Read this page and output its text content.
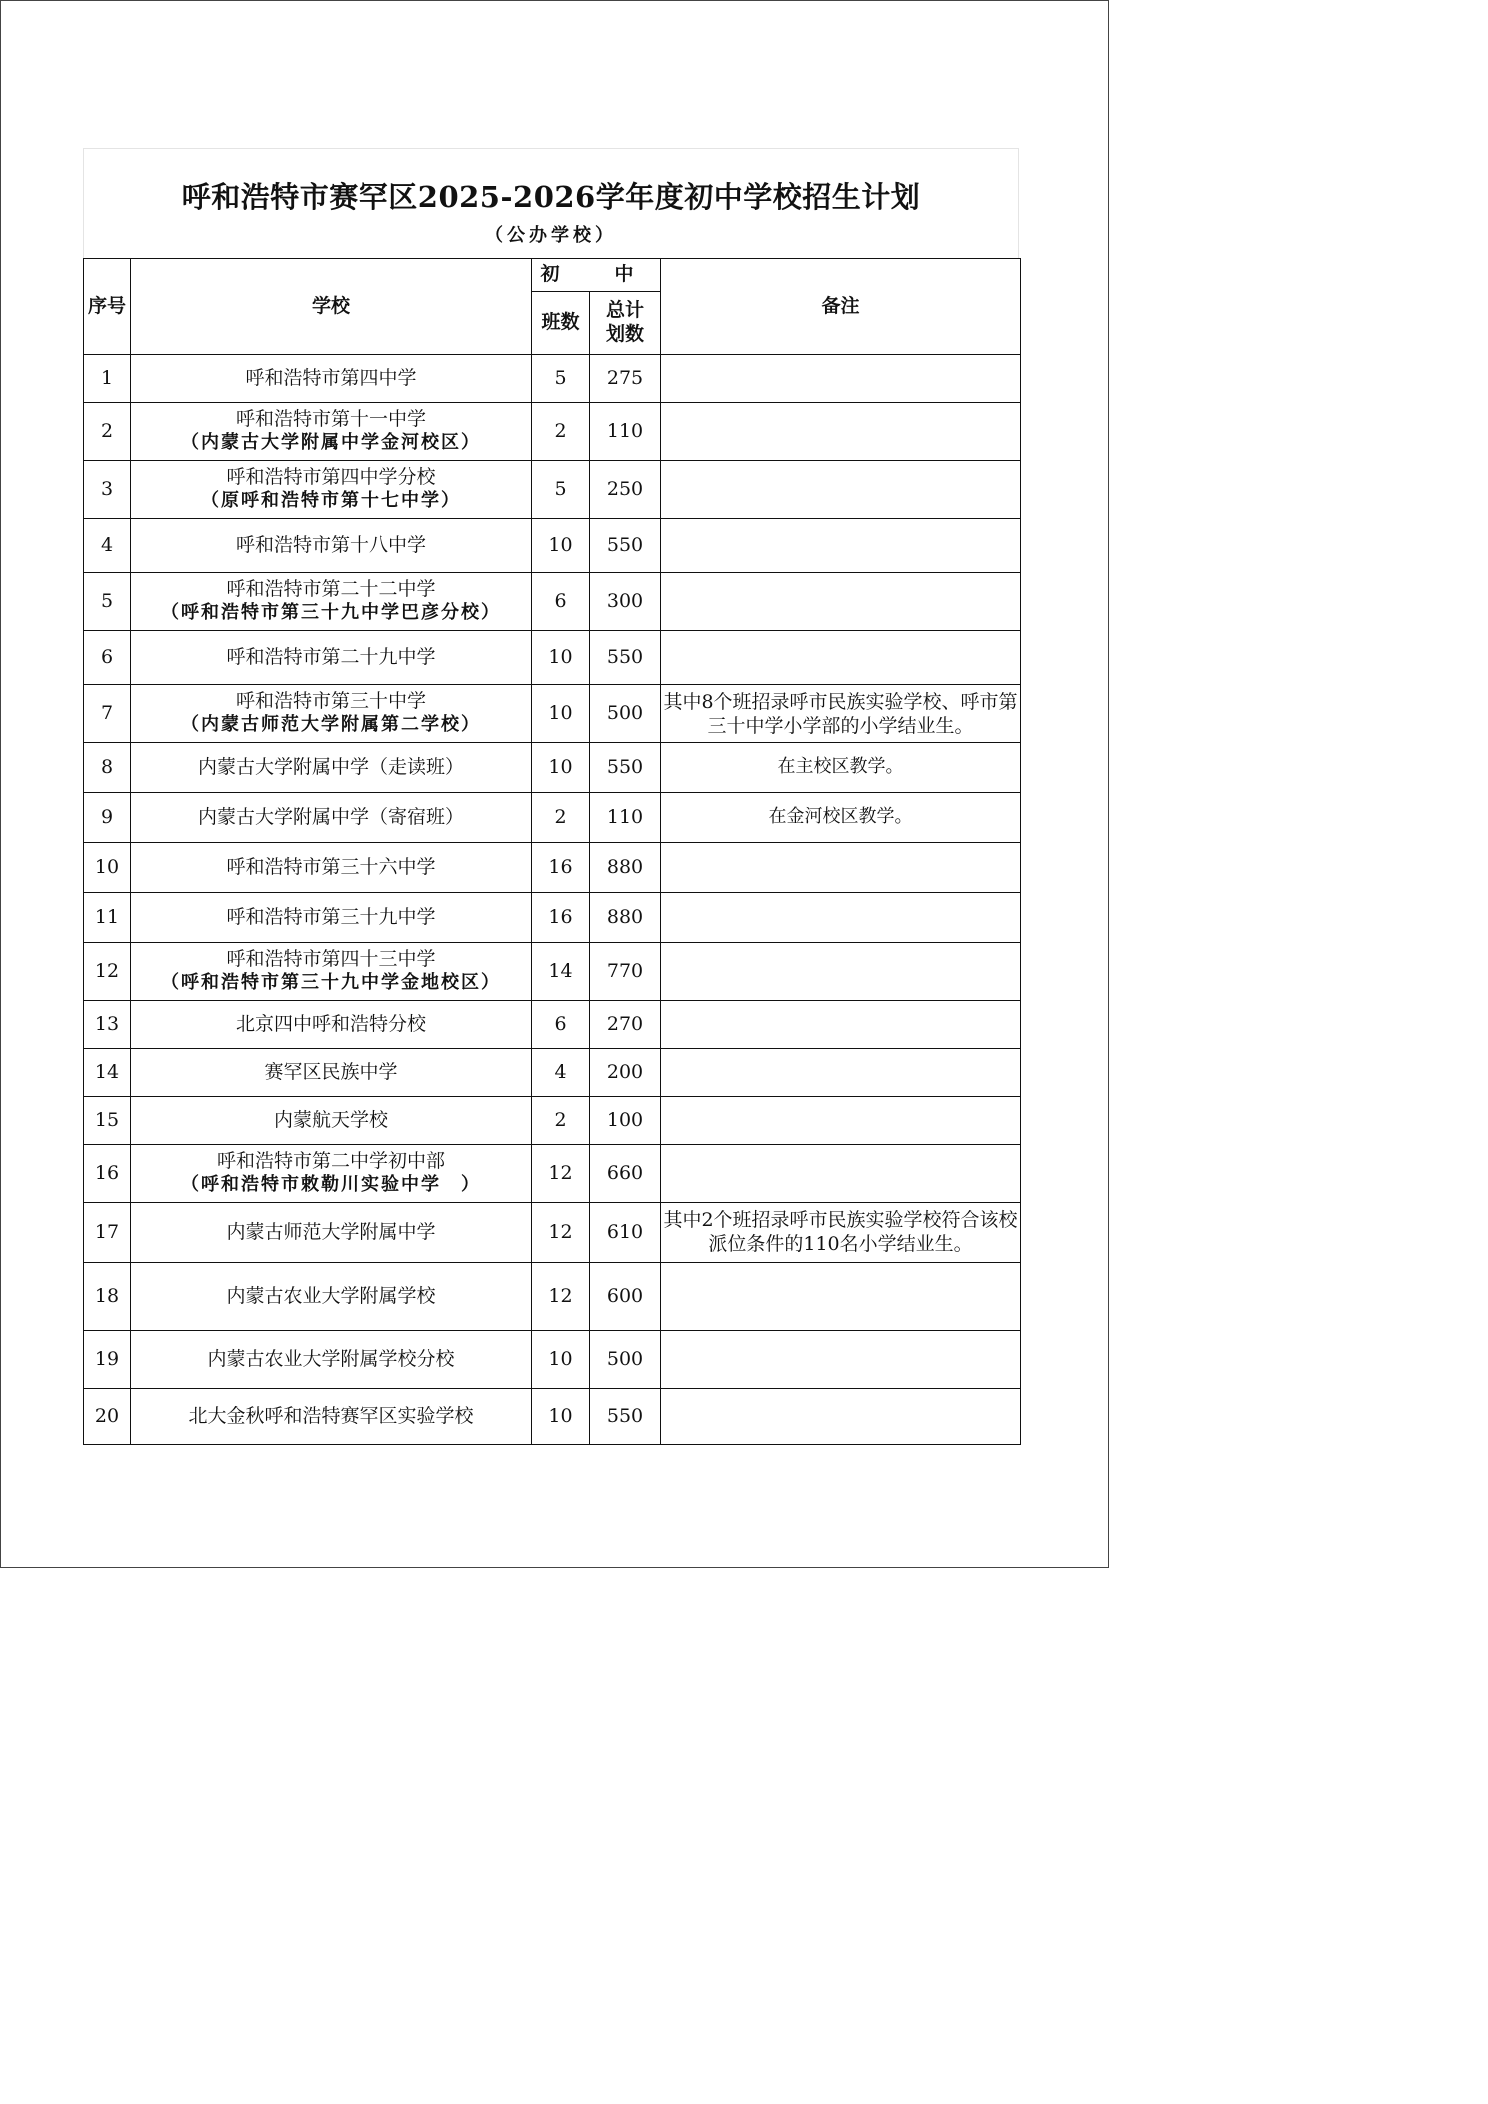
呼和浩特市赛罕区2025-2026学年度初中学校招生计划
（公办学校）
序号	学校	初　中		备注
		班数	总计
划数	

1	呼和浩特市第四中学	5	275	
2	呼和浩特市第十一中学
（内蒙古大学附属中学金河校区）	2	110	
3	呼和浩特市第四中学分校
（原呼和浩特市第十七中学）	5	250	
4	呼和浩特市第十八中学	10	550	
5	呼和浩特市第二十二中学
（呼和浩特市第三十九中学巴彦分校）	6	300	
6	呼和浩特市第二十九中学	10	550	
7	呼和浩特市第三十中学
（内蒙古师范大学附属第二学校）	10	500	其中8个班招录呼市民族实验学校、呼市第三十中学小学部的小学结业生。
8	内蒙古大学附属中学（走读班）	10	550	在主校区教学。
9	内蒙古大学附属中学（寄宿班）	2	110	在金河校区教学。
10	呼和浩特市第三十六中学	16	880	
11	呼和浩特市第三十九中学	16	880	
12	呼和浩特市第四十三中学
（呼和浩特市第三十九中学金地校区）	14	770	
13	北京四中呼和浩特分校	6	270	
14	赛罕区民族中学	4	200	
15	内蒙航天学校	2	100	
16	呼和浩特市第二中学初中部
（呼和浩特市敕勒川实验中学　）	12	660	
17	内蒙古师范大学附属中学	12	610	其中2个班招录呼市民族实验学校符合该校派位条件的110名小学结业生。
18	内蒙古农业大学附属学校	12	600	
19	内蒙古农业大学附属学校分校	10	500	
20	北大金秋呼和浩特赛罕区实验学校	10	550	
